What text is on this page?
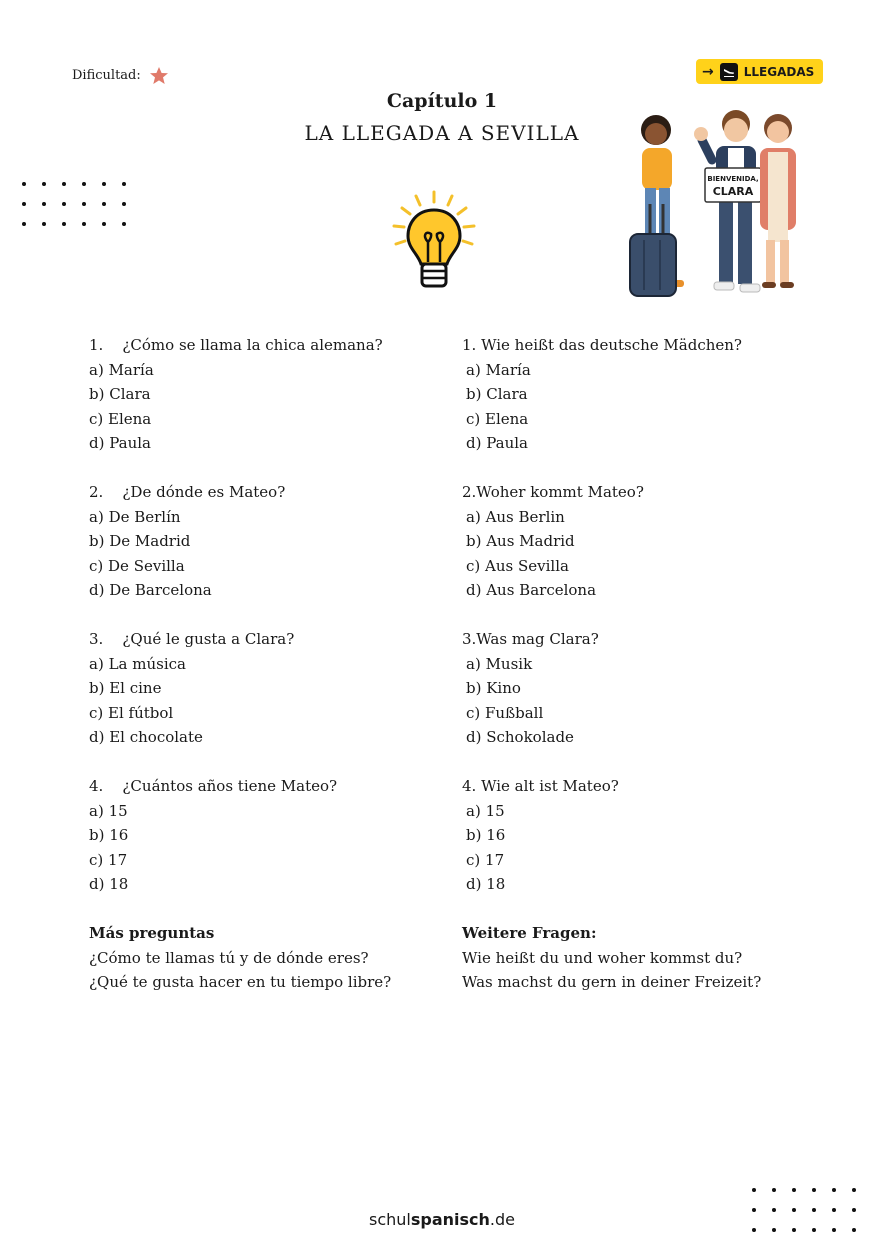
Dificultad:	→	LLEGADAS
Capítulo 1
LA LLEGADA A SEVILLA
BIENVENIDA,
CLARA
1.    ¿Cómo se llama la chica alemana?
a) María
b) Clara
c) Elena
d) Paula
2.    ¿De dónde es Mateo?
a) De Berlín
b) De Madrid
c) De Sevilla
d) De Barcelona
3.    ¿Qué le gusta a Clara?
a) La música
b) El cine
c) El fútbol
d) El chocolate
4.    ¿Cuántos años tiene Mateo?
a) 15
b) 16
c) 17
d) 18
Más preguntas
¿Cómo te llamas tú y de dónde eres?
¿Qué te gusta hacer en tu tiempo libre?
1. Wie heißt das deutsche Mädchen?
a) María
b) Clara
c) Elena
d) Paula
2.Woher kommt Mateo?
a) Aus Berlin
b) Aus Madrid
c) Aus Sevilla
d) Aus Barcelona
3.Was mag Clara?
a) Musik
b) Kino
c) Fußball
d) Schokolade
4. Wie alt ist Mateo?
a) 15
b) 16
c) 17
d) 18
Weitere Fragen:
Wie heißt du und woher kommst du?
Was machst du gern in deiner Freizeit?
schulspanisch.de
